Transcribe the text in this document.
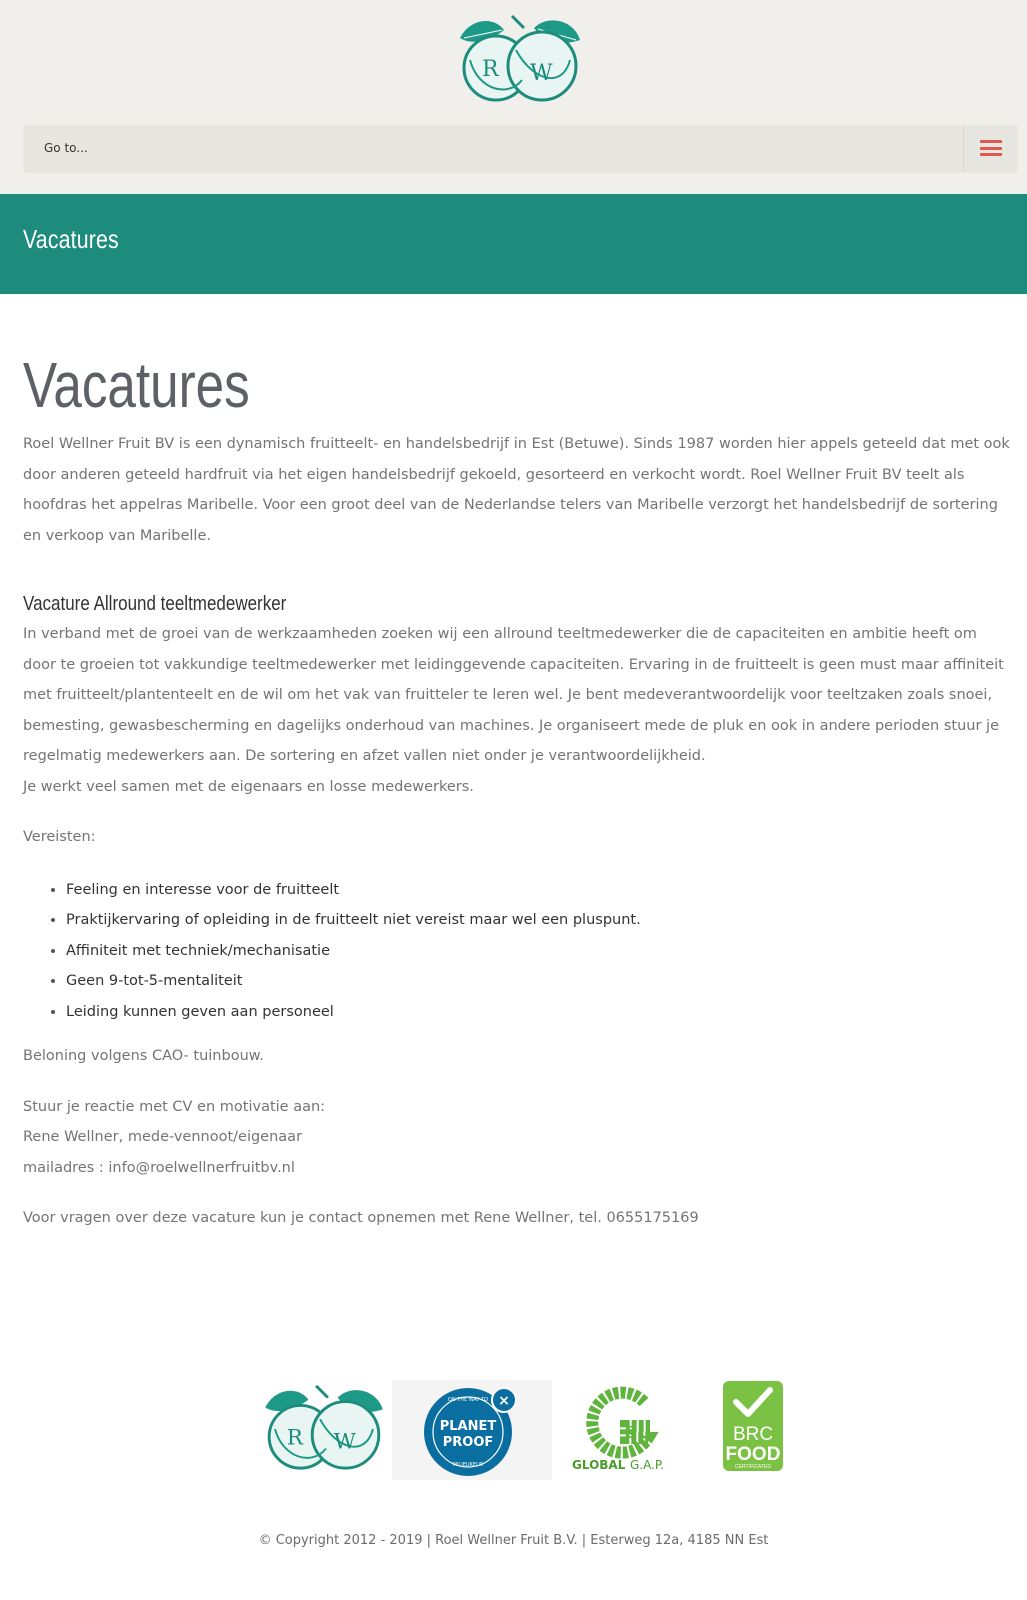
R W
Go to...
Vacatures
Vacatures

Roel Wellner Fruit BV is een dynamisch fruitteelt- en handelsbedrijf in Est (Betuwe). Sinds 1987 worden hier appels geteeld dat met ook door anderen geteeld hardfruit via het eigen handelsbedrijf gekoeld, gesorteerd en verkocht wordt. Roel Wellner Fruit BV teelt als hoofdras het appelras Maribelle. Voor een groot deel van de Nederlandse telers van Maribelle verzorgt het handelsbedrijf de sortering en verkoop van Maribelle.

Vacature Allround teeltmedewerker

In verband met de groei van de werkzaamheden zoeken wij een allround teeltmedewerker die de capaciteiten en ambitie heeft om door te groeien tot vakkundige teeltmedewerker met leidinggevende capaciteiten. Ervaring in de fruitteelt is geen must maar affiniteit met fruitteelt/plantenteelt en de wil om het vak van fruitteler te leren wel. Je bent medeverantwoordelijk voor teeltzaken zoals snoei, bemesting, gewasbescherming en dagelijks onderhoud van machines. Je organiseert mede de pluk en ook in andere perioden stuur je regelmatig medewerkers aan. De sortering en afzet vallen niet onder je verantwoordelijkheid.

Je werkt veel samen met de eigenaars en losse medewerkers.

Vereisten:

• Feeling en interesse voor de fruitteelt
• Praktijkervaring of opleiding in de fruitteelt niet vereist maar wel een pluspunt.
• Affiniteit met techniek/mechanisatie
• Geen 9-tot-5-mentaliteit
• Leiding kunnen geven aan personeel

Beloning volgens CAO- tuinbouw.

Stuur je reactie met CV en motivatie aan:

Rene Wellner, mede-vennoot/eigenaar

mailadres : info@roelwellnerfruitbv.nl

Voor vragen over deze vacature kun je contact opnemen met Rene Wellner, tel. 0655175169

R W
×
ON THE WAY TO
PLANET
PROOF
MILIEUKEUR	GLOBAL G.A.P.
BRC
FOOD
CERTIFICATED
© Copyright 2012 - 2019 | Roel Wellner Fruit B.V. | Esterweg 12a, 4185 NN Est
